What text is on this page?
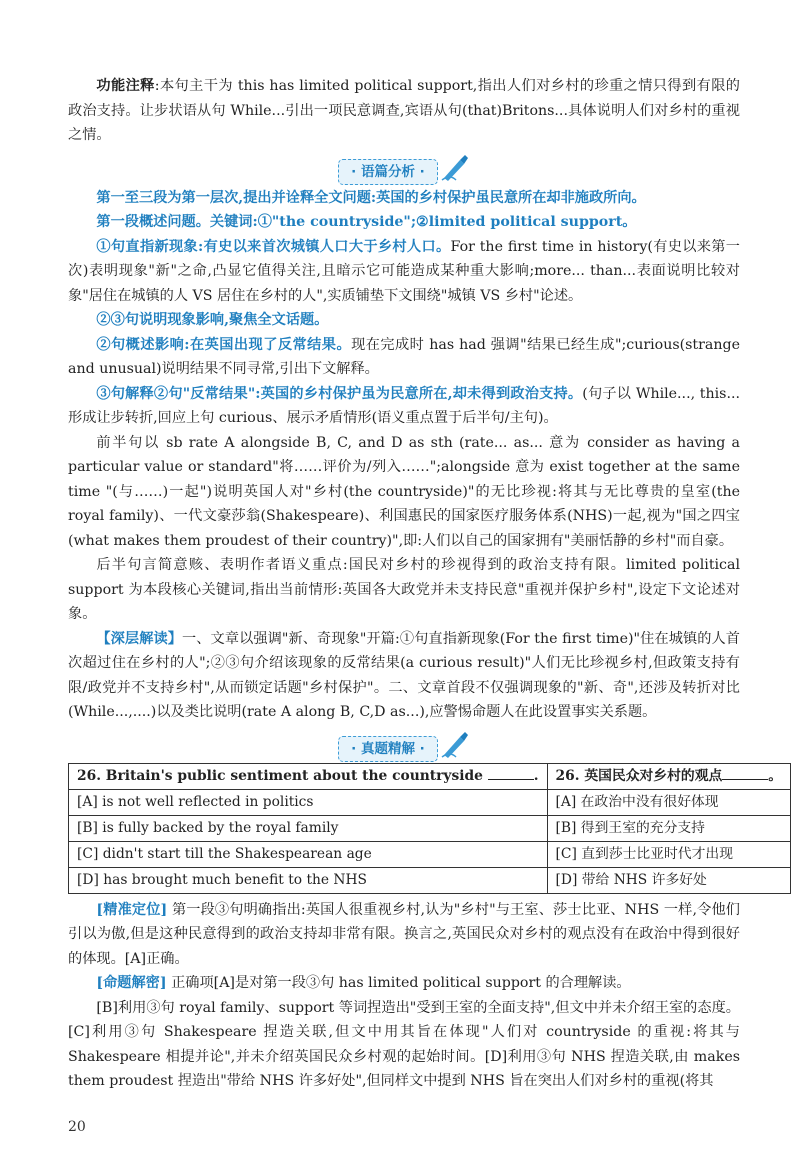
功能注释:本句主干为 this has limited political support,指出人们对乡村的珍重之情只得到有限的政治支持。让步状语从句 While...引出一项民意调查,宾语从句(that)Britons...具体说明人们对乡村的重视之情。

· 语篇分析 ·

第一至三段为第一层次,提出并诠释全文问题:英国的乡村保护虽民意所在却非施政所向。

第一段概述问题。关键词:①"the countryside";②limited political support。

①句直指新现象:有史以来首次城镇人口大于乡村人口。For the first time in history(有史以来第一次)表明现象"新"之命,凸显它值得关注,且暗示它可能造成某种重大影响;more... than...表面说明比较对象"居住在城镇的人 VS 居住在乡村的人",实质铺垫下文围绕"城镇 VS 乡村"论述。

②③句说明现象影响,聚焦全文话题。

②句概述影响:在英国出现了反常结果。现在完成时 has had 强调"结果已经生成";curious(strange and unusual)说明结果不同寻常,引出下文解释。

③句解释②句"反常结果":英国的乡村保护虽为民意所在,却未得到政治支持。(句子以 While..., this...形成让步转折,回应上句 curious、展示矛盾情形(语义重点置于后半句/主句)。

前半句以 sb rate A alongside B, C, and D as sth (rate... as... 意为 consider as having a particular value or standard"将……评价为/列入……";alongside 意为 exist together at the same time "(与……)一起")说明英国人对"乡村(the countryside)"的无比珍视:将其与无比尊贵的皇室(the royal family)、一代文豪莎翁(Shakespeare)、利国惠民的国家医疗服务体系(NHS)一起,视为"国之四宝(what makes them proudest of their country)",即:人们以自己的国家拥有"美丽恬静的乡村"而自豪。

后半句言简意赅、表明作者语义重点:国民对乡村的珍视得到的政治支持有限。limited political support 为本段核心关键词,指出当前情形:英国各大政党并未支持民意"重视并保护乡村",设定下文论述对象。

【深层解读】一、文章以强调"新、奇现象"开篇:①句直指新现象(For the first time)"住在城镇的人首次超过住在乡村的人";②③句介绍该现象的反常结果(a curious result)"人们无比珍视乡村,但政策支持有限/政党并不支持乡村",从而锁定话题"乡村保护"。二、文章首段不仅强调现象的"新、奇",还涉及转折对比(While...,....)以及类比说明(rate A along B, C,D as...),应警惕命题人在此设置事实关系题。

· 真题精解 ·
26. Britain's public sentiment about the countryside .	26. 英国民众对乡村的观点 。
[A] is not well reflected in politics	[A] 在政治中没有很好体现
[B] is fully backed by the royal family	[B] 得到王室的充分支持
[C] didn't start till the Shakespearean age	[C] 直到莎士比亚时代才出现
[D] has brought much benefit to the NHS	[D] 带给 NHS 许多好处

[精准定位] 第一段③句明确指出:英国人很重视乡村,认为"乡村"与王室、莎士比亚、NHS 一样,令他们引以为傲,但是这种民意得到的政治支持却非常有限。换言之,英国民众对乡村的观点没有在政治中得到很好的体现。[A]正确。

[命题解密] 正确项[A]是对第一段③句 has limited political support 的合理解读。

[B]利用③句 royal family、support 等词捏造出"受到王室的全面支持",但文中并未介绍王室的态度。[C]利用③句 Shakespeare 捏造关联,但文中用其旨在体现"人们对 countryside 的重视:将其与 Shakespeare 相提并论",并未介绍英国民众乡村观的起始时间。[D]利用③句 NHS 捏造关联,由 makes them proudest 捏造出"带给 NHS 许多好处",但同样文中提到 NHS 旨在突出人们对乡村的重视(将其

20
